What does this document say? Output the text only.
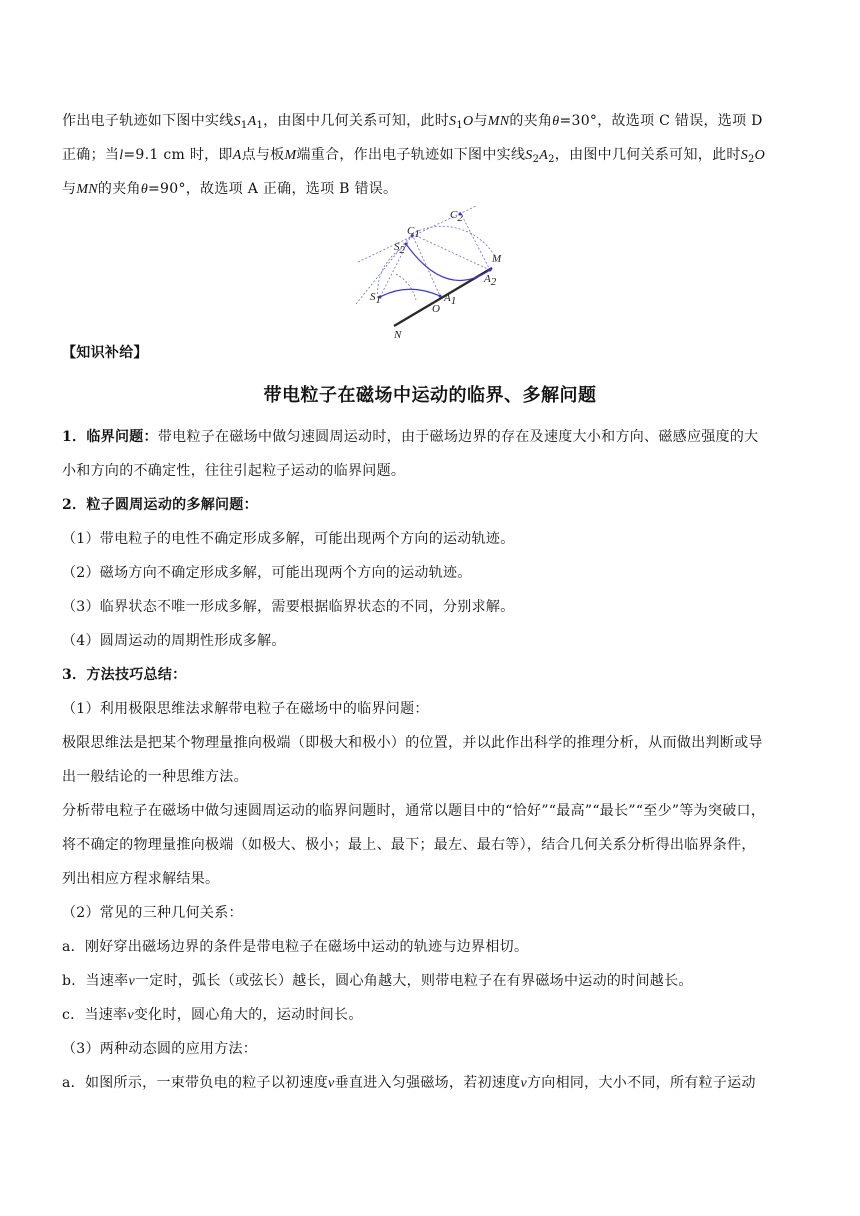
作出电子轨迹如下图中实线$S_1A_1$，由图中几何关系可知，此时$S_1O$与MN的夹角θ=30°，故选项 C 错误，选项 D
正确；当l=9.1 cm 时，即A点与板M端重合，作出电子轨迹如下图中实线$S_2A_2$，由图中几何关系可知，此时$S_2O$
与MN的夹角θ=90°，故选项 A 正确，选项 B 错误。
C2
S2
C1
M
A2
S1	A1
O
N
【知识补给】
带电粒子在磁场中运动的临界、多解问题
1．临界问题：带电粒子在磁场中做匀速圆周运动时，由于磁场边界的存在及速度大小和方向、磁感应强度的大
小和方向的不确定性，往往引起粒子运动的临界问题。
2．粒子圆周运动的多解问题：
（1）带电粒子的电性不确定形成多解，可能出现两个方向的运动轨迹。
（2）磁场方向不确定形成多解，可能出现两个方向的运动轨迹。
（3）临界状态不唯一形成多解，需要根据临界状态的不同，分别求解。
（4）圆周运动的周期性形成多解。
3．方法技巧总结：
（1）利用极限思维法求解带电粒子在磁场中的临界问题：
极限思维法是把某个物理量推向极端（即极大和极小）的位置，并以此作出科学的推理分析，从而做出判断或导
出一般结论的一种思维方法。
分析带电粒子在磁场中做匀速圆周运动的临界问题时，通常以题目中的“恰好”“最高”“最长”“至少”等为突破口，
将不确定的物理量推向极端（如极大、极小；最上、最下；最左、最右等），结合几何关系分析得出临界条件，
列出相应方程求解结果。
（2）常见的三种几何关系：
a．刚好穿出磁场边界的条件是带电粒子在磁场中运动的轨迹与边界相切。
b．当速率v一定时，弧长（或弦长）越长，圆心角越大，则带电粒子在有界磁场中运动的时间越长。
c．当速率v变化时，圆心角大的，运动时间长。
（3）两种动态圆的应用方法：
a．如图所示，一束带负电的粒子以初速度v垂直进入匀强磁场，若初速度v方向相同，大小不同，所有粒子运动
